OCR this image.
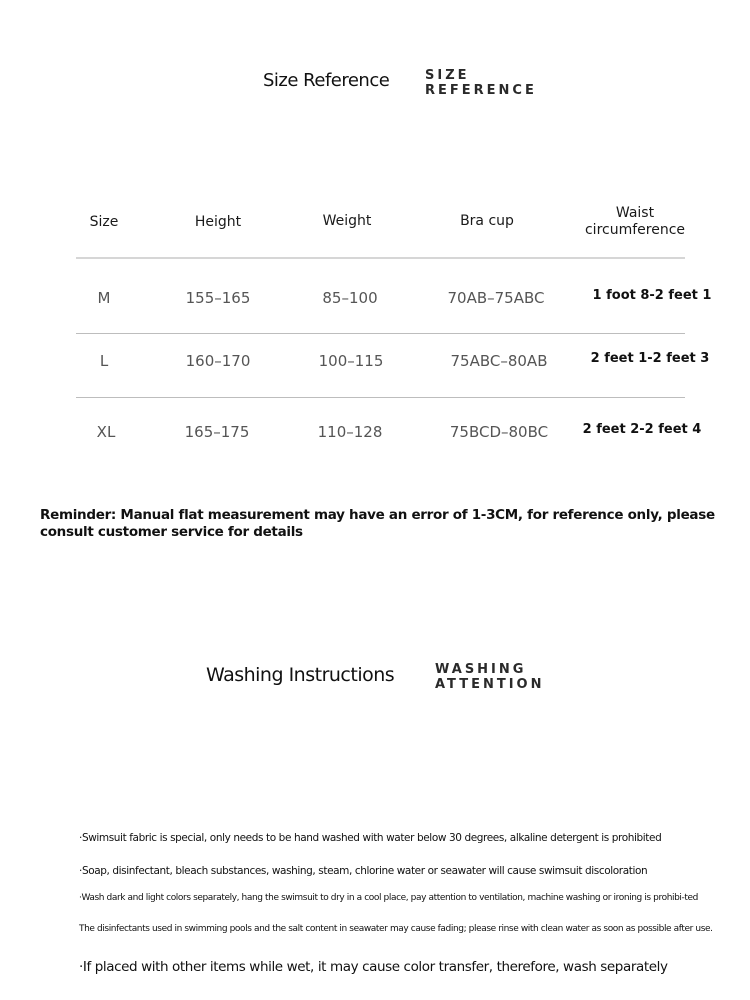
Size Reference	SIZE
REFERENCE
Size	Height	Weight	Bra cup	Waist
circumference
M	155–165	85–100	70AB–75ABC	1 foot 8-2 feet 1
L	160–170	100–115	75ABC–80AB	2 feet 1-2 feet 3
XL	165–175	110–128	75BCD–80BC	2 feet 2-2 feet 4
Reminder: Manual flat measurement may have an error of 1-3CM, for reference only, please consult customer service for details
Washing Instructions	WASHING
ATTENTION
·Swimsuit fabric is special, only needs to be hand washed with water below 30 degrees, alkaline detergent is prohibited
·Soap, disinfectant, bleach substances, washing, steam, chlorine water or seawater will cause swimsuit discoloration
·Wash dark and light colors separately, hang the swimsuit to dry in a cool place, pay attention to ventilation, machine washing or ironing is prohibi-ted
The disinfectants used in swimming pools and the salt content in seawater may cause fading; please rinse with clean water as soon as possible after use.
·If placed with other items while wet, it may cause color transfer, therefore, wash separately
